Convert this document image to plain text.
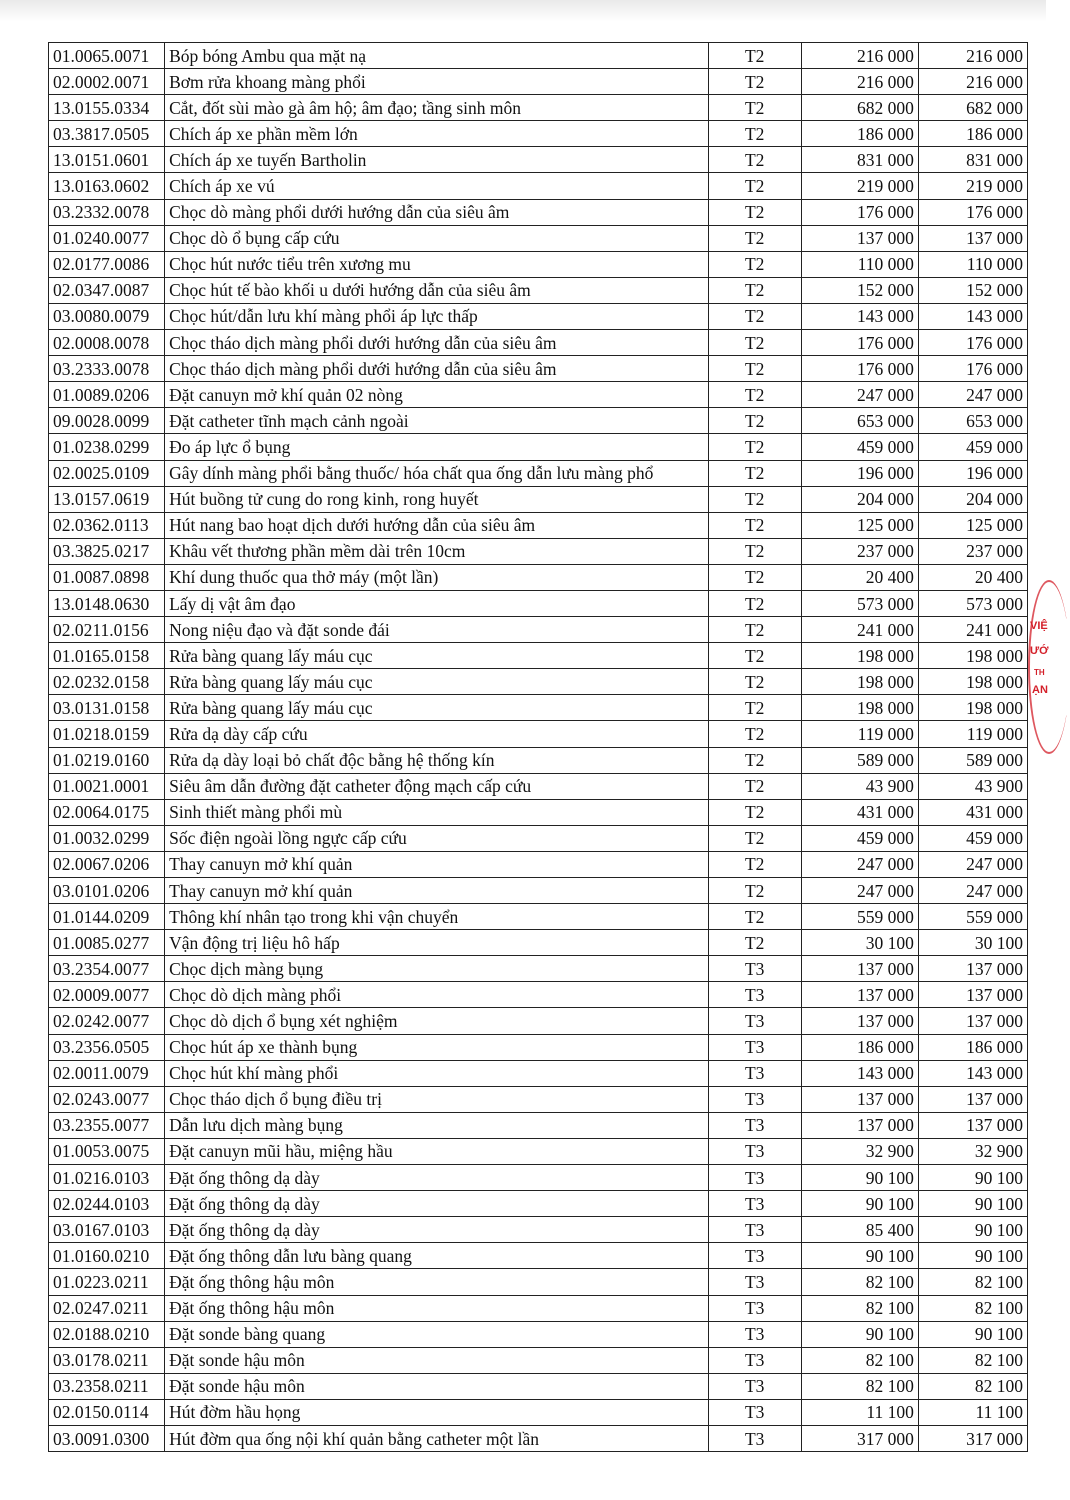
01.0065.0071	Bóp bóng Ambu qua mặt nạ	T2	216 000	216 000
02.0002.0071	Bơm rửa khoang màng phổi	T2	216 000	216 000
13.0155.0334	Cắt, đốt sùi mào gà âm hộ; âm đạo; tầng sinh môn	T2	682 000	682 000
03.3817.0505	Chích áp xe phần mềm lớn	T2	186 000	186 000
13.0151.0601	Chích áp xe tuyến Bartholin	T2	831 000	831 000
13.0163.0602	Chích áp xe vú	T2	219 000	219 000
03.2332.0078	Chọc dò màng phổi dưới hướng dẫn của siêu âm	T2	176 000	176 000
01.0240.0077	Chọc dò ổ bụng cấp cứu	T2	137 000	137 000
02.0177.0086	Chọc hút nước tiểu trên xương mu	T2	110 000	110 000
02.0347.0087	Chọc hút tế bào khối u dưới hướng dẫn của siêu âm	T2	152 000	152 000
03.0080.0079	Chọc hút/dẫn lưu khí màng phổi áp lực thấp	T2	143 000	143 000
02.0008.0078	Chọc tháo dịch màng phổi dưới hướng dẫn của siêu âm	T2	176 000	176 000
03.2333.0078	Chọc tháo dịch màng phổi dưới hướng dẫn của siêu âm	T2	176 000	176 000
01.0089.0206	Đặt canuyn mở khí quản 02 nòng	T2	247 000	247 000
09.0028.0099	Đặt catheter tĩnh mạch cảnh ngoài	T2	653 000	653 000
01.0238.0299	Đo áp lực ổ bụng	T2	459 000	459 000
02.0025.0109	Gây dính màng phổi bằng thuốc/ hóa chất qua ống dẫn lưu màng phổ	T2	196 000	196 000
13.0157.0619	Hút buồng tử cung do rong kinh, rong huyết	T2	204 000	204 000
02.0362.0113	Hút nang bao hoạt dịch dưới hướng dẫn của siêu âm	T2	125 000	125 000
03.3825.0217	Khâu vết thương phần mềm dài trên 10cm	T2	237 000	237 000
01.0087.0898	Khí dung thuốc qua thở máy (một lần)	T2	20 400	20 400
13.0148.0630	Lấy dị vật âm đạo	T2	573 000	573 000
02.0211.0156	Nong niệu đạo và đặt sonde đái	T2	241 000	241 000
01.0165.0158	Rửa bàng quang lấy máu cục	T2	198 000	198 000
02.0232.0158	Rửa bàng quang lấy máu cục	T2	198 000	198 000
03.0131.0158	Rửa bàng quang lấy máu cục	T2	198 000	198 000
01.0218.0159	Rửa dạ dày cấp cứu	T2	119 000	119 000
01.0219.0160	Rửa dạ dày loại bỏ chất độc bằng hệ thống kín	T2	589 000	589 000
01.0021.0001	Siêu âm dẫn đường đặt catheter động mạch cấp cứu	T2	43 900	43 900
02.0064.0175	Sinh thiết màng phổi mù	T2	431 000	431 000
01.0032.0299	Sốc điện ngoài lồng ngực cấp cứu	T2	459 000	459 000
02.0067.0206	Thay canuyn mở khí quản	T2	247 000	247 000
03.0101.0206	Thay canuyn mở khí quản	T2	247 000	247 000
01.0144.0209	Thông khí nhân tạo trong khi vận chuyển	T2	559 000	559 000
01.0085.0277	Vận động trị liệu hô hấp	T2	30 100	30 100
03.2354.0077	Chọc dịch màng bụng	T3	137 000	137 000
02.0009.0077	Chọc dò dịch màng phổi	T3	137 000	137 000
02.0242.0077	Chọc dò dịch ổ bụng xét nghiệm	T3	137 000	137 000
03.2356.0505	Chọc hút áp xe thành bụng	T3	186 000	186 000
02.0011.0079	Chọc hút khí màng phổi	T3	143 000	143 000
02.0243.0077	Chọc tháo dịch ổ bụng điều trị	T3	137 000	137 000
03.2355.0077	Dẫn lưu dịch màng bụng	T3	137 000	137 000
01.0053.0075	Đặt canuyn mũi hầu, miệng hầu	T3	32 900	32 900
01.0216.0103	Đặt ống thông dạ dày	T3	90 100	90 100
02.0244.0103	Đặt ống thông dạ dày	T3	90 100	90 100
03.0167.0103	Đặt ống thông dạ dày	T3	85 400	90 100
01.0160.0210	Đặt ống thông dẫn lưu bàng quang	T3	90 100	90 100
01.0223.0211	Đặt ống thông hậu môn	T3	82 100	82 100
02.0247.0211	Đặt ống thông hậu môn	T3	82 100	82 100
02.0188.0210	Đặt sonde bàng quang	T3	90 100	90 100
03.0178.0211	Đặt sonde hậu môn	T3	82 100	82 100
03.2358.0211	Đặt sonde hậu môn	T3	82 100	82 100
02.0150.0114	Hút đờm hầu họng	T3	11 100	11 100
03.0091.0300	Hút đờm qua ống nội khí quản bằng catheter một lần	T3	317 000	317 000
VIỆ
ƯỚ
TH
ẠN
